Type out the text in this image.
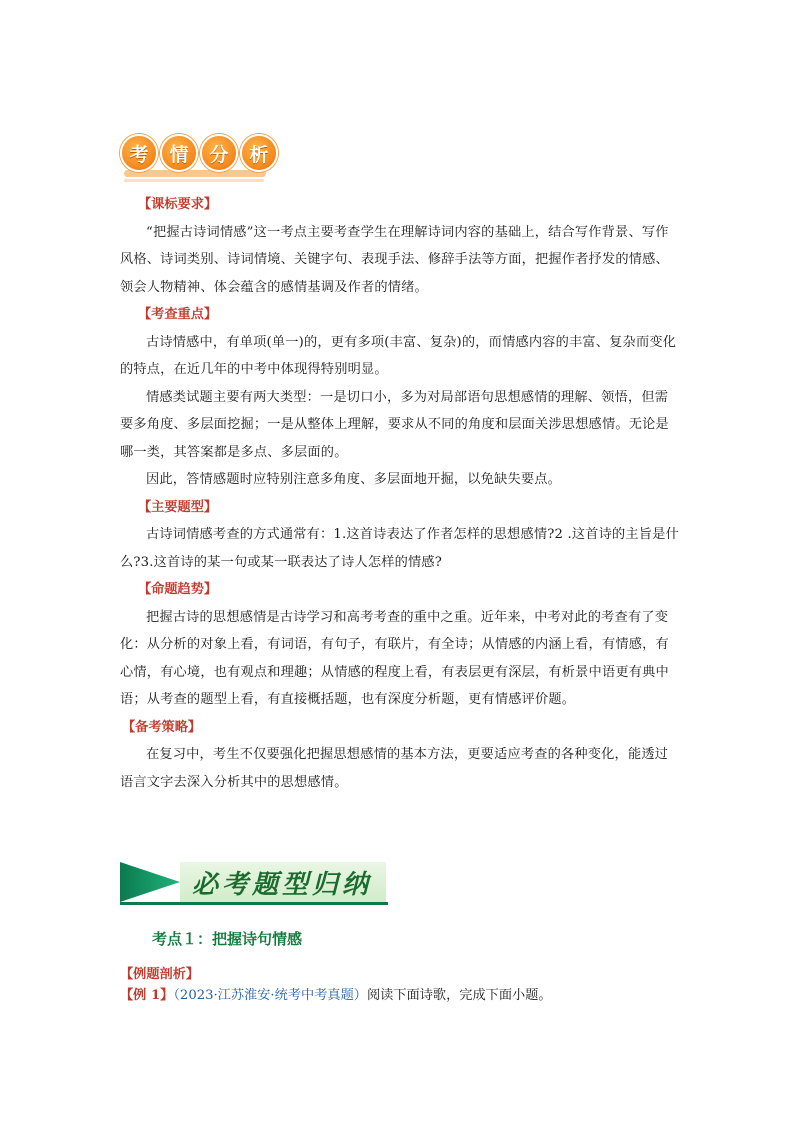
考	情	分	析
【课标要求】

“把握古诗词情感”这一考点主要考查学生在理解诗词内容的基础上，结合写作背景、写作风格、诗词类别、诗词情境、关键字句、表现手法、修辞手法等方面，把握作者抒发的情感、领会人物精神、体会蕴含的感情基调及作者的情绪。

【考查重点】

古诗情感中，有单项(单一)的，更有多项(丰富、复杂)的，而情感内容的丰富、复杂而变化的特点，在近几年的中考中体现得特别明显。

情感类试题主要有两大类型：一是切口小，多为对局部语句思想感情的理解、领悟，但需要多角度、多层面挖掘；一是从整体上理解，要求从不同的角度和层面关涉思想感情。无论是哪一类，其答案都是多点、多层面的。

因此，答情感题时应特别注意多角度、多层面地开掘，以免缺失要点。

【主要题型】

古诗词情感考查的方式通常有：1.这首诗表达了作者怎样的思想感情?2 .这首诗的主旨是什么?3.这首诗的某一句或某一联表达了诗人怎样的情感?

【命题趋势】

把握古诗的思想感情是古诗学习和高考考查的重中之重。近年来，中考对此的考查有了变化：从分析的对象上看，有词语，有句子，有联片，有全诗；从情感的内涵上看，有情感，有心情，有心境，也有观点和理趣；从情感的程度上看，有表层更有深层，有析景中语更有典中语；从考查的题型上看，有直接概括题，也有深度分析题，更有情感评价题。

【备考策略】

在复习中，考生不仅要强化把握思想感情的基本方法，更要适应考查的各种变化，能透过语言文字去深入分析其中的思想感情。

必考题型归纳
考点１：把握诗句情感
【例题剖析】
【例 1】（2023·江苏淮安·统考中考真题）阅读下面诗歌，完成下面小题。
